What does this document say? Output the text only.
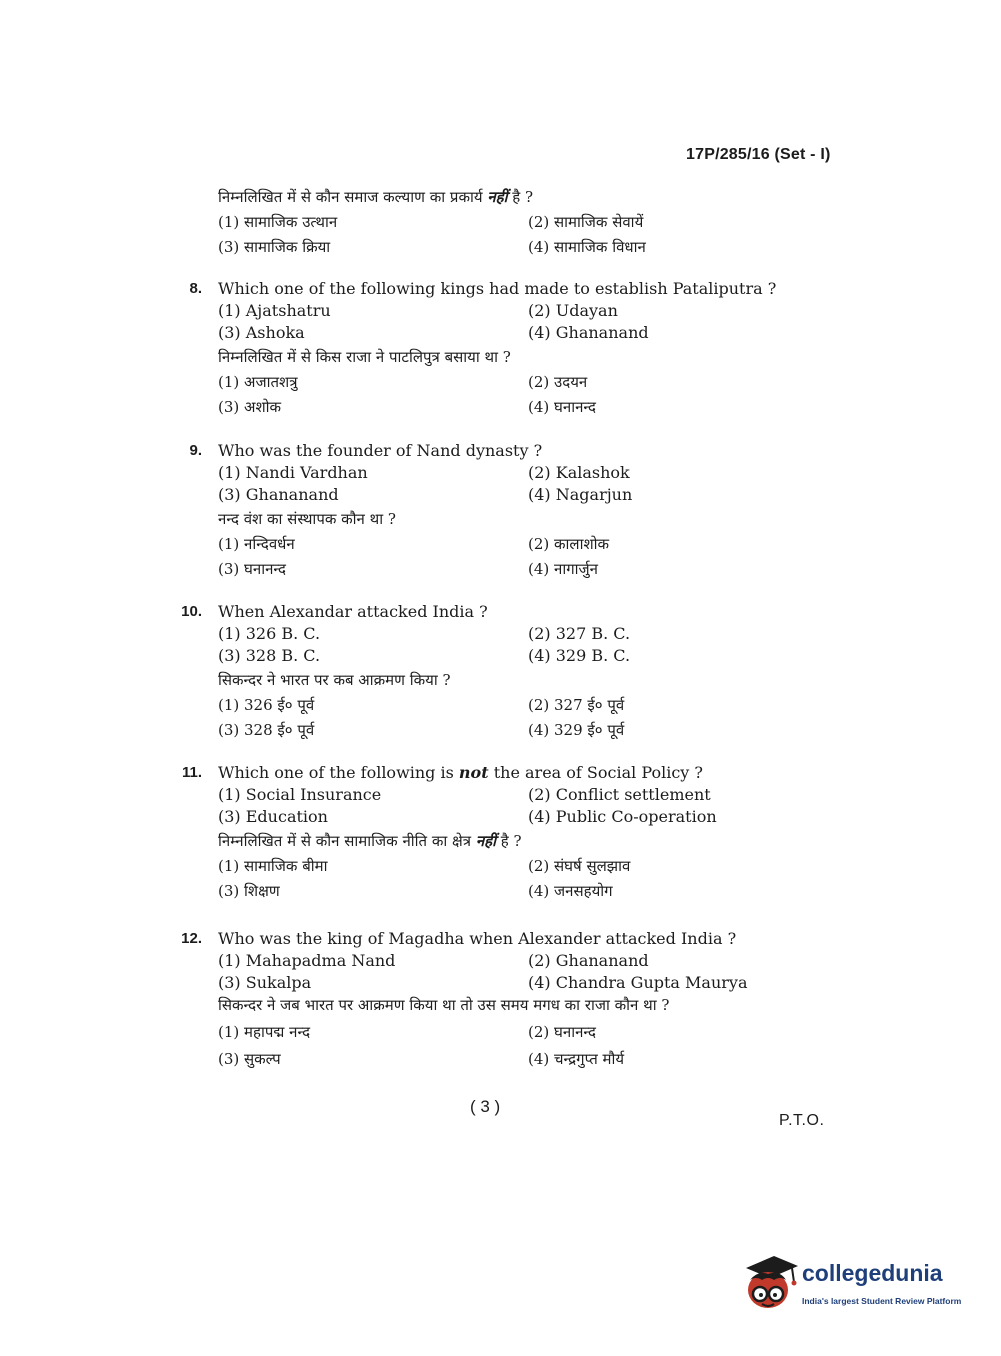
17P/285/16 (Set - I)
निम्नलिखित में से कौन समाज कल्याण का प्रकार्य नहीं है ?
(1) सामाजिक उत्थान	(2) सामाजिक सेवायें
(3) सामाजिक क्रिया	(4) सामाजिक विधान
8. Which one of the following kings had made to establish Pataliputra ?
(1) Ajatshatru	(2) Udayan
(3) Ashoka	(4) Ghananand
निम्नलिखित में से किस राजा ने पाटलिपुत्र बसाया था ?
(1) अजातशत्रु	(2) उदयन
(3) अशोक	(4) घनानन्द
9. Who was the founder of Nand dynasty ?
(1) Nandi Vardhan	(2) Kalashok
(3) Ghananand	(4) Nagarjun
नन्द वंश का संस्थापक कौन था ?
(1) नन्दिवर्धन	(2) कालाशोक
(3) घनानन्द	(4) नागार्जुन
10. When Alexandar attacked India ?
(1) 326 B. C.	(2) 327 B. C.
(3) 328 B. C.	(4) 329 B. C.
सिकन्दर ने भारत पर कब आक्रमण किया ?
(1) 326 ई० पूर्व	(2) 327 ई० पूर्व
(3) 328 ई० पूर्व	(4) 329 ई० पूर्व
11. Which one of the following is not the area of Social Policy ?
(1) Social Insurance	(2) Conflict settlement
(3) Education	(4) Public Co-operation
निम्नलिखित में से कौन सामाजिक नीति का क्षेत्र नहीं है ?
(1) सामाजिक बीमा	(2) संघर्ष सुलझाव
(3) शिक्षण	(4) जनसहयोग
12. Who was the king of Magadha when Alexander attacked India ?
(1) Mahapadma Nand	(2) Ghananand
(3) Sukalpa	(4) Chandra Gupta Maurya
सिकन्दर ने जब भारत पर आक्रमण किया था तो उस समय मगध का राजा कौन था ?
(1) महापद्म नन्द	(2) घनानन्द
(3) सुकल्प	(4) चन्द्रगुप्त मौर्य
( 3 )
P.T.O.
collegedunia
India's largest Student Review Platform
